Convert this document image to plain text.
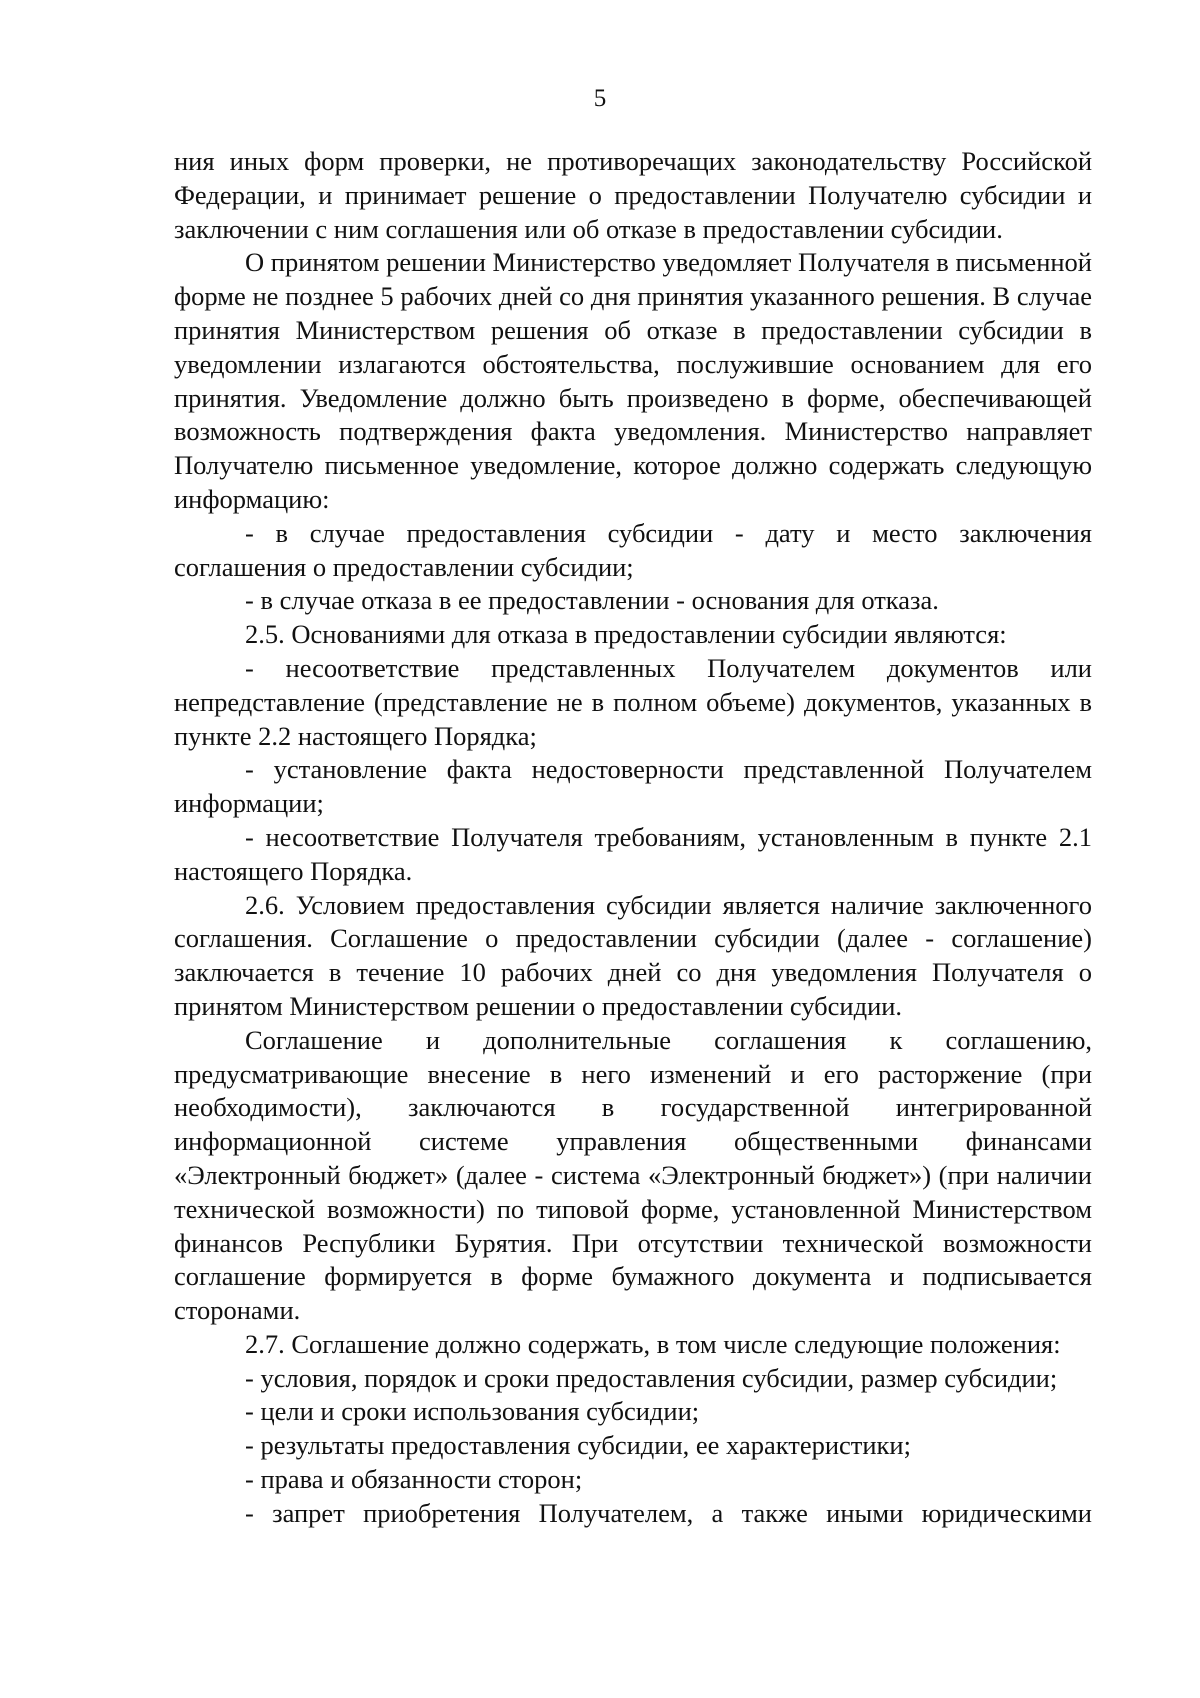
5

ния иных форм проверки, не противоречащих законодательству Российской Федерации, и принимает решение о предоставлении Получателю субсидии и заключении с ним соглашения или об отказе в предоставлении субсидии.

О принятом решении Министерство уведомляет Получателя в письменной форме не позднее 5 рабочих дней со дня принятия указанного решения. В случае принятия Министерством решения об отказе в предоставлении субсидии в уведомлении излагаются обстоятельства, послужившие основанием для его принятия. Уведомление должно быть произведено в форме, обеспечивающей возможность подтверждения факта уведомления. Министерство направляет Получателю письменное уведомление, которое должно содержать следующую информацию:

- в случае предоставления субсидии - дату и место заключения соглашения о предоставлении субсидии;

- в случае отказа в ее предоставлении - основания для отказа.

2.5. Основаниями для отказа в предоставлении субсидии являются:

- несоответствие представленных Получателем документов или непредставление (представление не в полном объеме) документов, указанных в пункте 2.2 настоящего Порядка;

- установление факта недостоверности представленной Получателем информации;

- несоответствие Получателя требованиям, установленным в пункте 2.1 настоящего Порядка.

2.6. Условием предоставления субсидии является наличие заключенного соглашения. Соглашение о предоставлении субсидии (далее - соглашение) заключается в течение 10 рабочих дней со дня уведомления Получателя о принятом Министерством решении о предоставлении субсидии.

Соглашение и дополнительные соглашения к соглашению, предусматривающие внесение в него изменений и его расторжение (при необходимости), заключаются в государственной интегрированной информационной системе управления общественными финансами «Электронный бюджет» (далее - система «Электронный бюджет») (при наличии технической возможности) по типовой форме, установленной Министерством финансов Республики Бурятия. При отсутствии технической возможности соглашение формируется в форме бумажного документа и подписывается сторонами.

2.7. Соглашение должно содержать, в том числе следующие положения:

- условия, порядок и сроки предоставления субсидии, размер субсидии;

- цели и сроки использования субсидии;

- результаты предоставления субсидии, ее характеристики;

- права и обязанности сторон;

- запрет приобретения Получателем, а также иными юридическими
